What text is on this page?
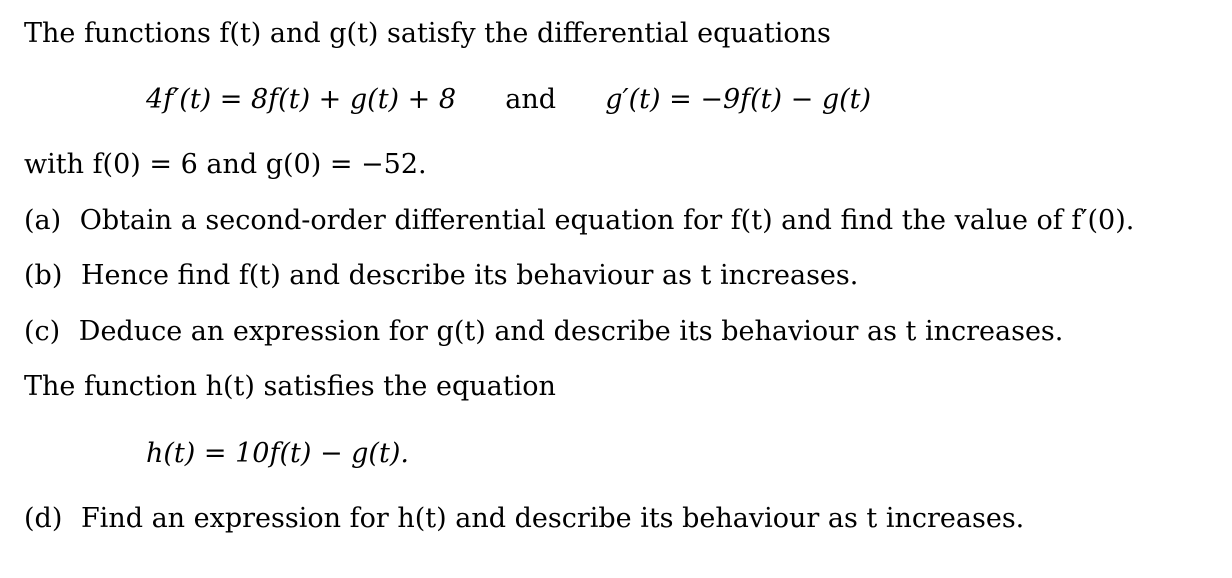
The functions f(t) and g(t) satisfy the differential equations
4f′(t) = 8f(t) + g(t) + 8 and g′(t) = −9f(t) − g(t)
with f(0) = 6 and g(0) = −52.
(a) Obtain a second-order differential equation for f(t) and find the value of f′(0).
(b) Hence find f(t) and describe its behaviour as t increases.
(c) Deduce an expression for g(t) and describe its behaviour as t increases.
The function h(t) satisfies the equation
h(t) = 10f(t) − g(t).
(d) Find an expression for h(t) and describe its behaviour as t increases.
